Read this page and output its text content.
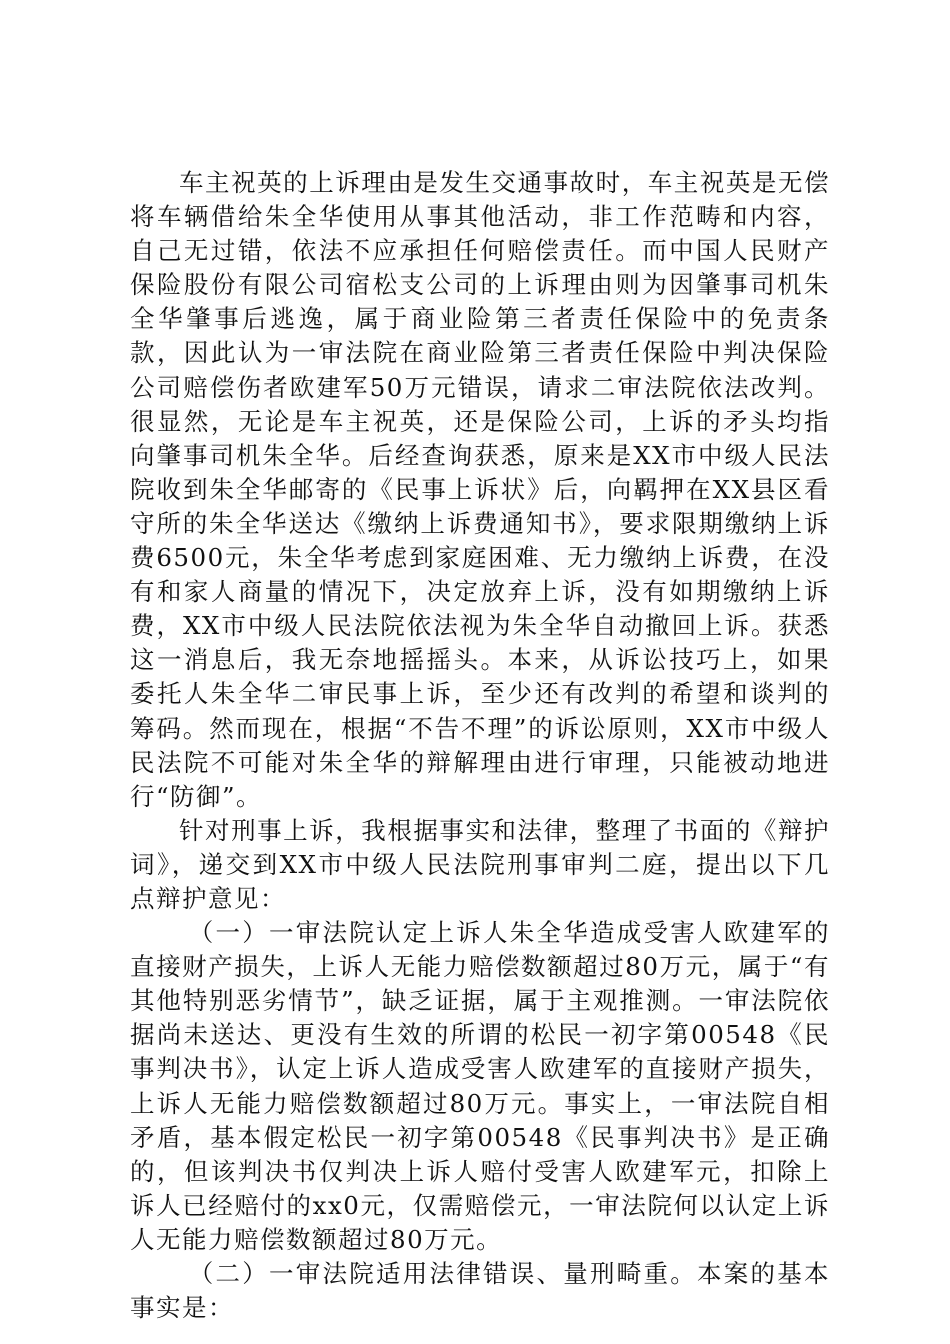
车主祝英的上诉理由是发生交通事故时，车主祝英是无偿将车辆借给朱全华使用从事其他活动，非工作范畴和内容，自己无过错，依法不应承担任何赔偿责任。而中国人民财产保险股份有限公司宿松支公司的上诉理由则为因肇事司机朱全华肇事后逃逸，属于商业险第三者责任保险中的免责条款，因此认为一审法院在商业险第三者责任保险中判决保险公司赔偿伤者欧建军50万元错误，请求二审法院依法改判。很显然，无论是车主祝英，还是保险公司，上诉的矛头均指向肇事司机朱全华。后经查询获悉，原来是XX市中级人民法院收到朱全华邮寄的《民事上诉状》后，向羁押在XX县区看守所的朱全华送达《缴纳上诉费通知书》，要求限期缴纳上诉费6500元，朱全华考虑到家庭困难、无力缴纳上诉费，在没有和家人商量的情况下，决定放弃上诉，没有如期缴纳上诉费，XX市中级人民法院依法视为朱全华自动撤回上诉。获悉这一消息后，我无奈地摇摇头。本来，从诉讼技巧上，如果委托人朱全华二审民事上诉，至少还有改判的希望和谈判的筹码。然而现在，根据“不告不理”的诉讼原则，XX市中级人民法院不可能对朱全华的辩解理由进行审理，只能被动地进行“防御”。

针对刑事上诉，我根据事实和法律，整理了书面的《辩护词》，递交到XX市中级人民法院刑事审判二庭，提出以下几点辩护意见：

（一）一审法院认定上诉人朱全华造成受害人欧建军的直接财产损失，上诉人无能力赔偿数额超过80万元，属于“有其他特别恶劣情节”，缺乏证据，属于主观推测。一审法院依据尚未送达、更没有生效的所谓的松民一初字第00548《民事判决书》，认定上诉人造成受害人欧建军的直接财产损失，上诉人无能力赔偿数额超过80万元。事实上，一审法院自相矛盾，基本假定松民一初字第00548《民事判决书》是正确的，但该判决书仅判决上诉人赔付受害人欧建军元，扣除上诉人已经赔付的xx0元，仅需赔偿元，一审法院何以认定上诉人无能力赔偿数额超过80万元。

（二）一审法院适用法律错误、量刑畸重。本案的基本事实是：
